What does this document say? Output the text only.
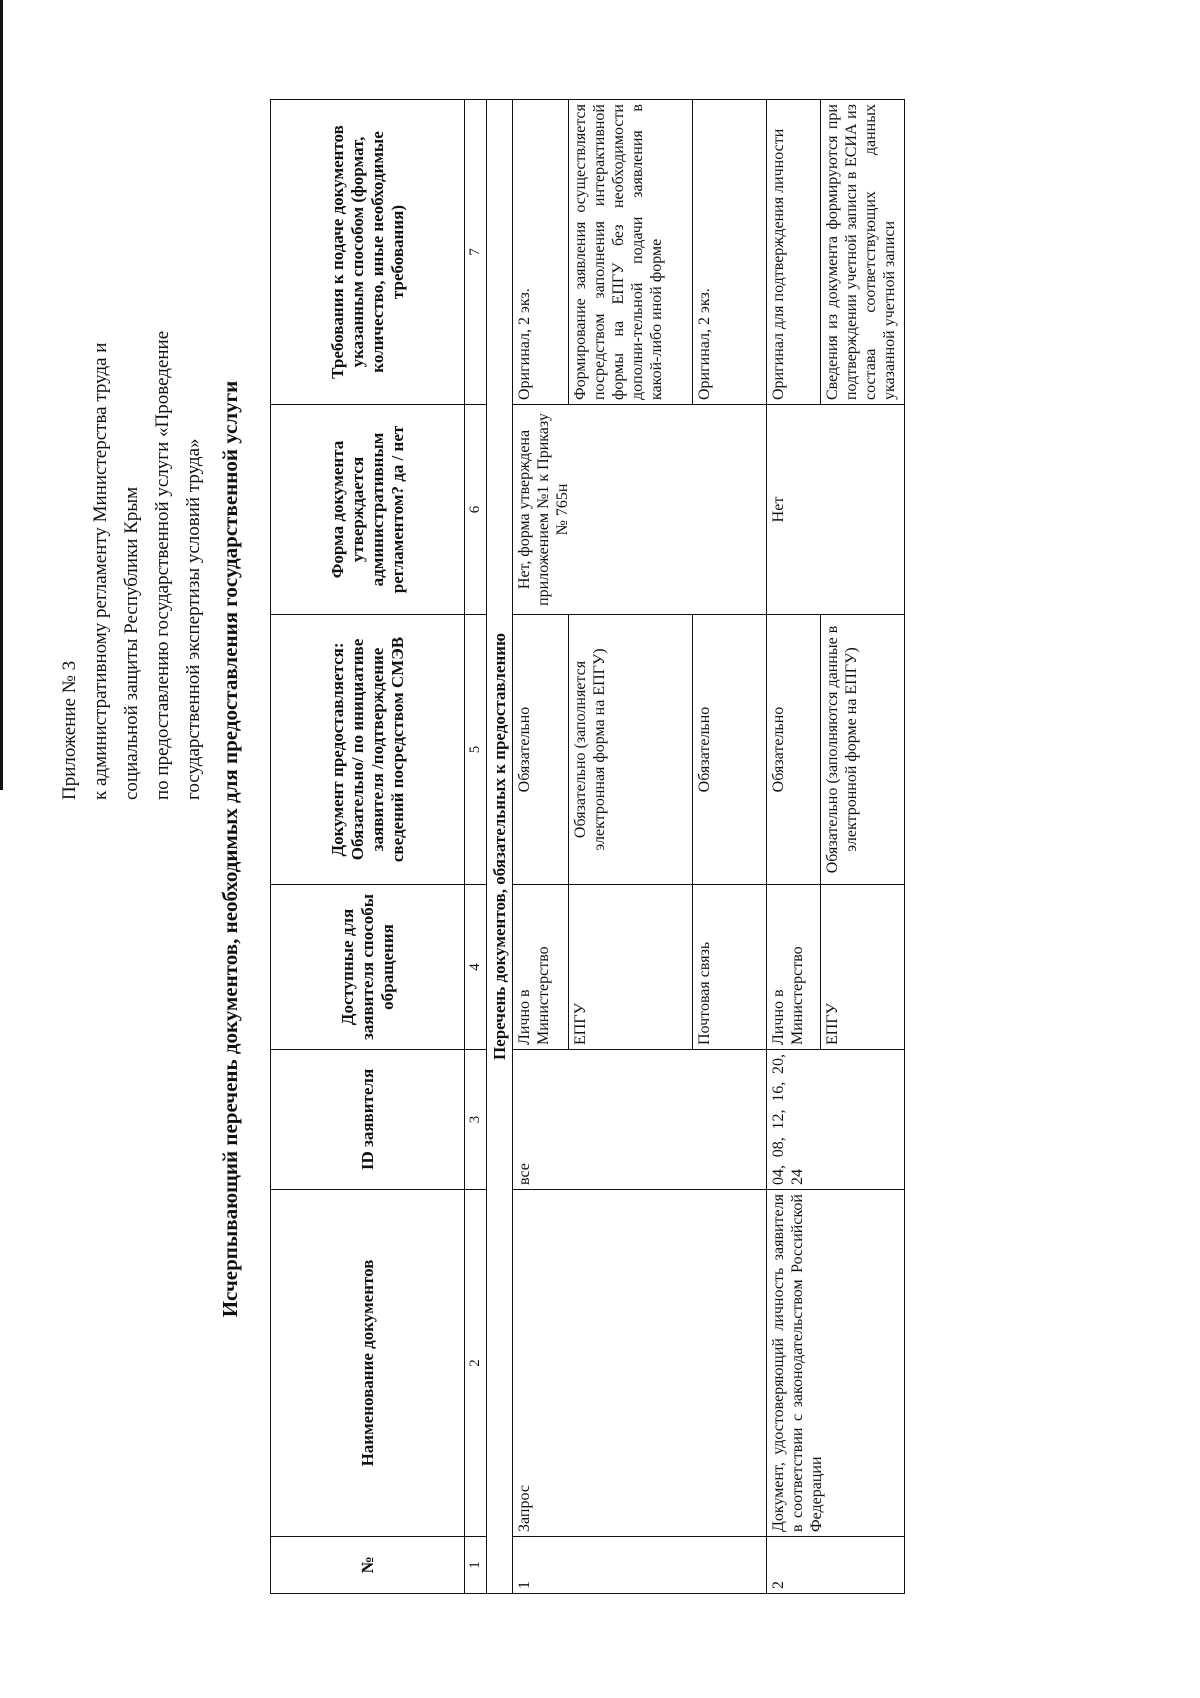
Приложение № 3 к административному регламенту Министерства труда и социальной защиты Республики Крым по предоставлению государственной услуги «Проведение государственной экспертизы условий труда» Исчерпывающий перечень документов, необходимых для предоставления государственной услуги
№	Наименование документов	ID заявителя	Доступные для заявителя способы обращения	Документ предоставляется: Обязательно/ по инициативе заявителя /подтверждение сведений посредством СМЭВ	Формa документа утверждается административным регламентом? да / нет	Требования к подаче документов указанным способом (формат, количество, иные необходимые требования)
1	2	3	4	5	6	7
Перечень документов, обязательных к предоставлению						
1	Запрос	все	Лично в Министерство	Обязательно	Нет, форма утверждена приложением №1 к Приказу № 765н	Оригинал, 2 экз.
			ЕПГУ	Обязательно (заполняется электронная форма на ЕПГУ)		Формирование заявления осуществляется посредством заполнения интерактивной формы на ЕПГУ без необходимости дополни-тельной подачи заявления в какой-либо иной форме

			Почтовая связь	Обязательно		Оригинал, 2 экз.
2	Документ, удостоверяющий личность заявителя в соответствии с законодательством Российской Федерации	04, 08, 12, 16, 20, 24	Лично в Министерство	Обязательно	Нет	Оригинал для подтверждения личности
			ЕПГУ	Обязательно (заполняются данные в электронной форме на ЕПГУ)		Сведения из документа формируются при подтверждении учетной записи в ЕСИА из состава соответствующих данных указанной учетной записи
